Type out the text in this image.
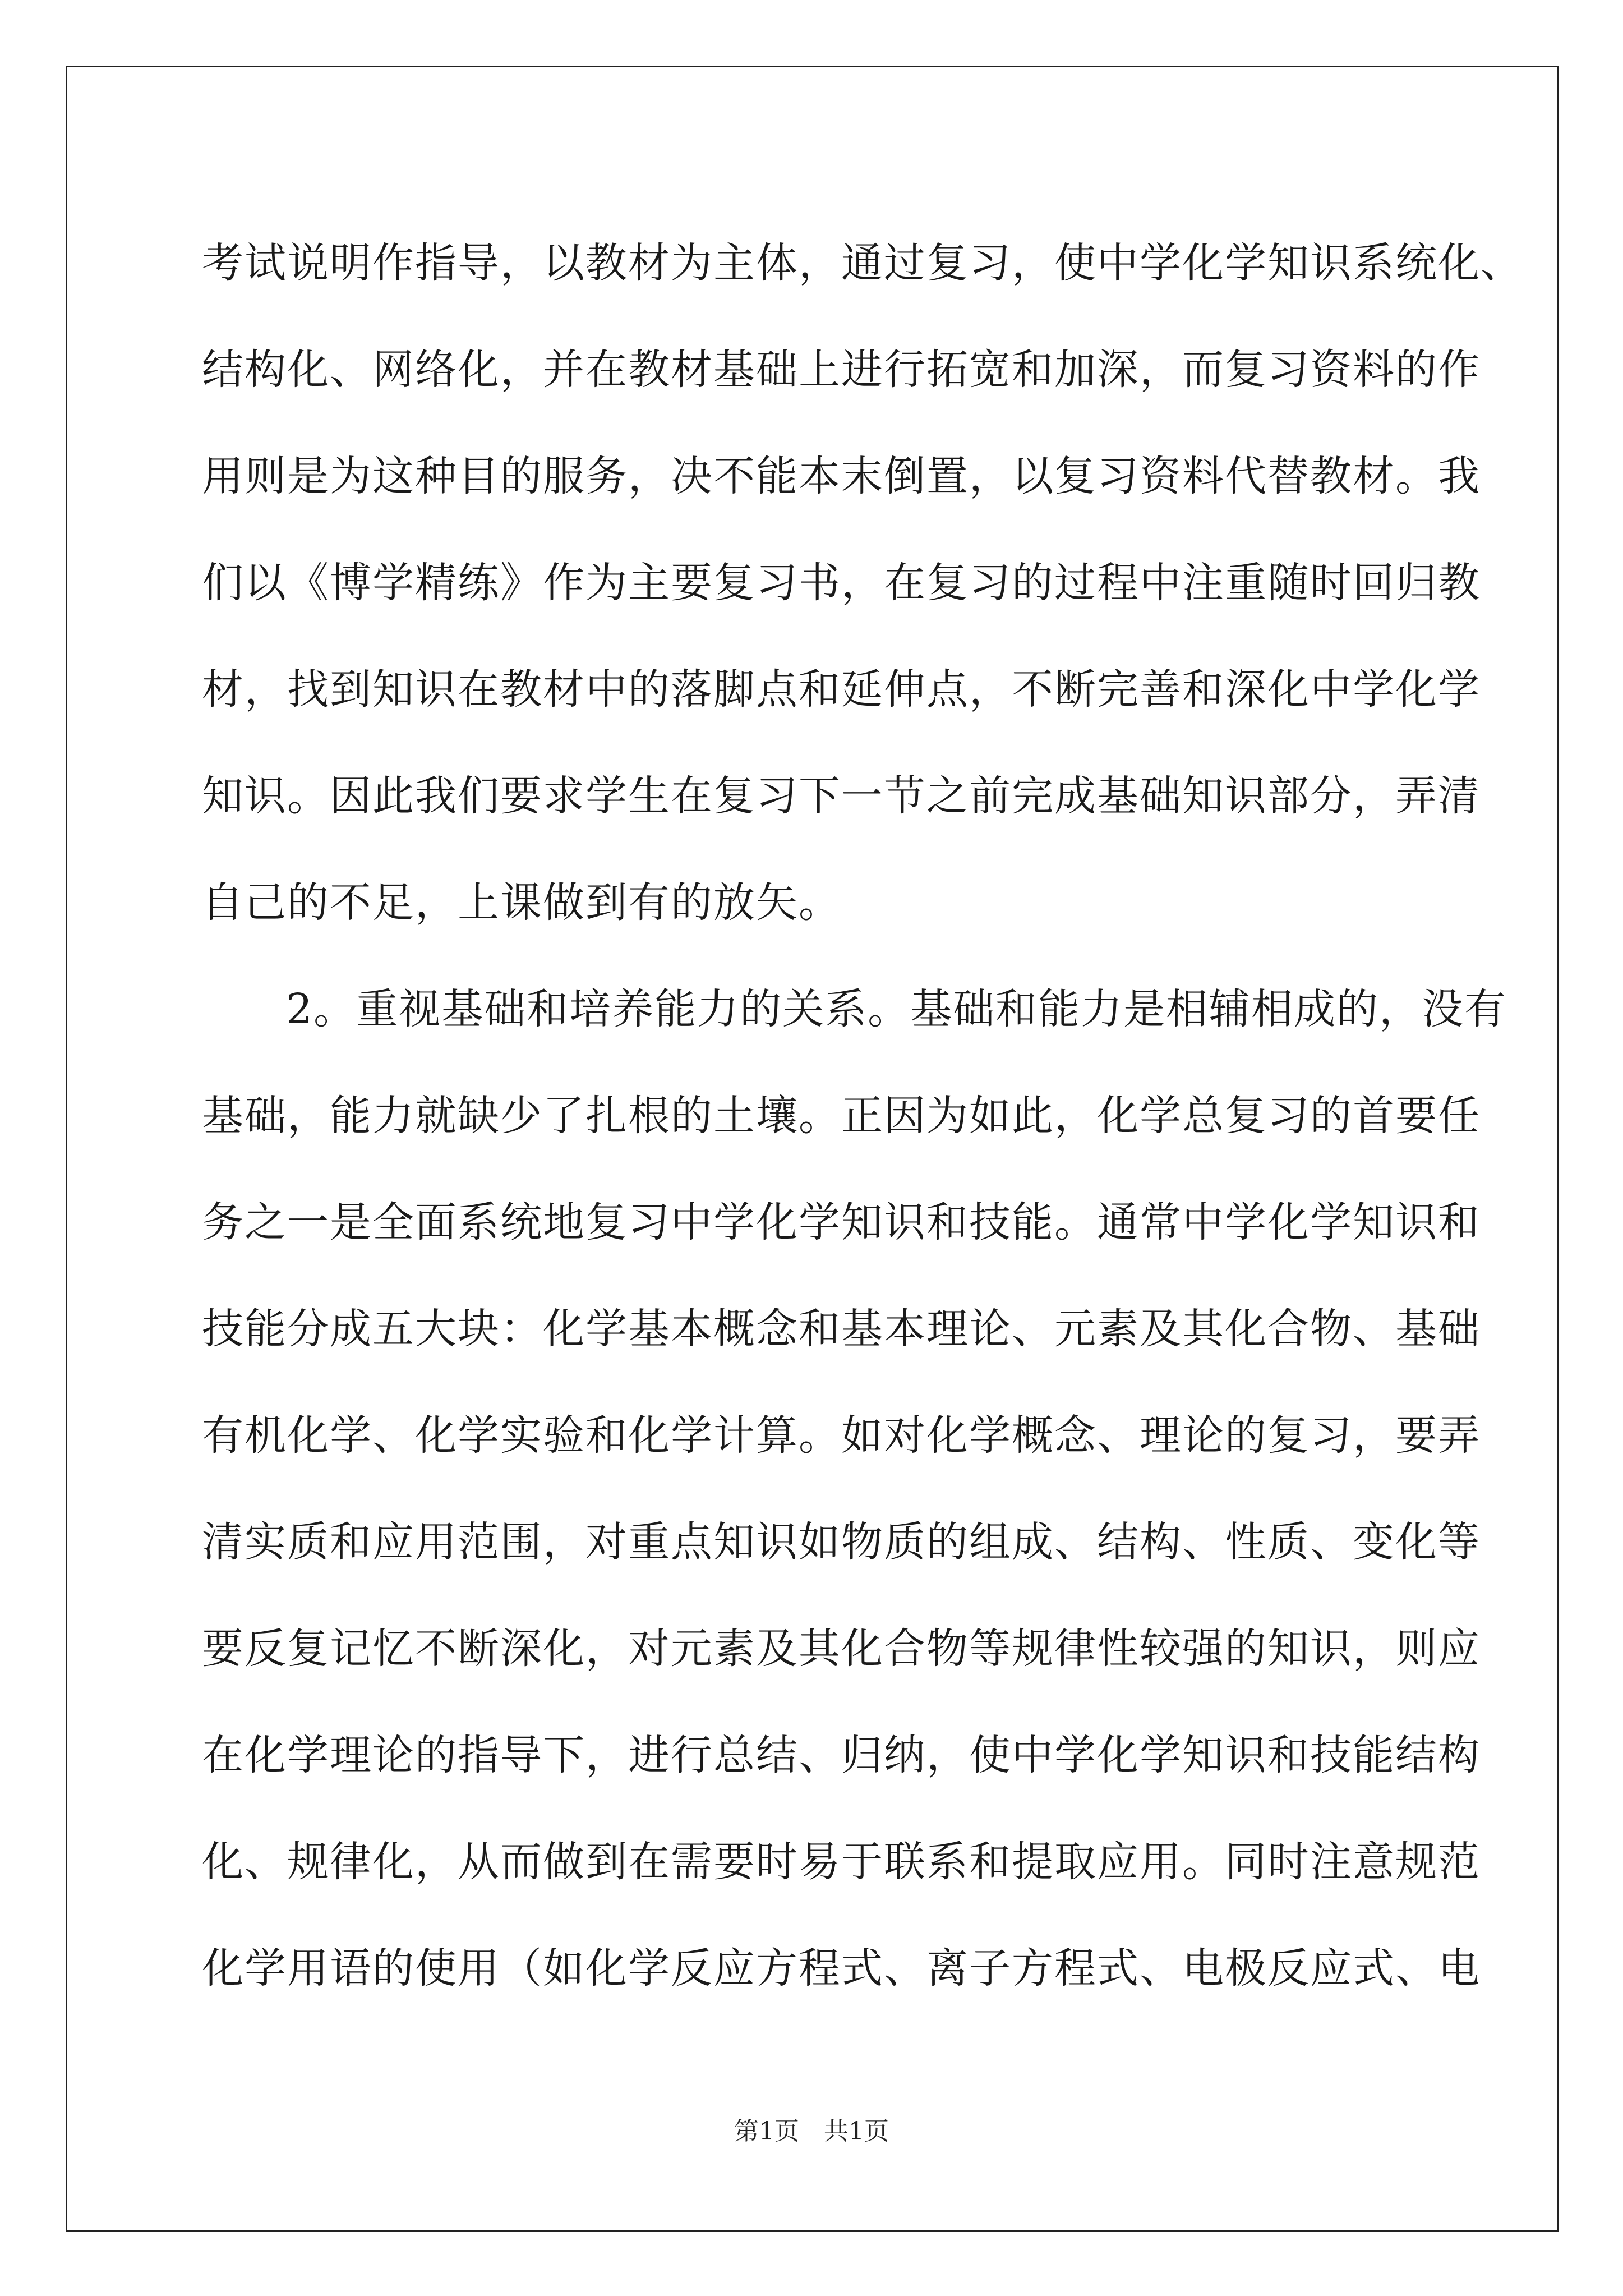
考试说明作指导，以教材为主体，通过复习，使中学化学知识系统化、
结构化、网络化，并在教材基础上进行拓宽和加深，而复习资料的作
用则是为这种目的服务，决不能本末倒置，以复习资料代替教材。我
们以《博学精练》作为主要复习书，在复习的过程中注重随时回归教
材，找到知识在教材中的落脚点和延伸点，不断完善和深化中学化学
知识。因此我们要求学生在复习下一节之前完成基础知识部分，弄清
自己的不足，上课做到有的放矢。
2。重视基础和培养能力的关系。基础和能力是相辅相成的，没有
基础，能力就缺少了扎根的土壤。正因为如此，化学总复习的首要任
务之一是全面系统地复习中学化学知识和技能。通常中学化学知识和
技能分成五大块：化学基本概念和基本理论、元素及其化合物、基础
有机化学、化学实验和化学计算。如对化学概念、理论的复习，要弄
清实质和应用范围，对重点知识如物质的组成、结构、性质、变化等
要反复记忆不断深化，对元素及其化合物等规律性较强的知识，则应
在化学理论的指导下，进行总结、归纳，使中学化学知识和技能结构
化、规律化，从而做到在需要时易于联系和提取应用。同时注意规范
化学用语的使用（如化学反应方程式、离子方程式、电极反应式、电
第1页　共1页
